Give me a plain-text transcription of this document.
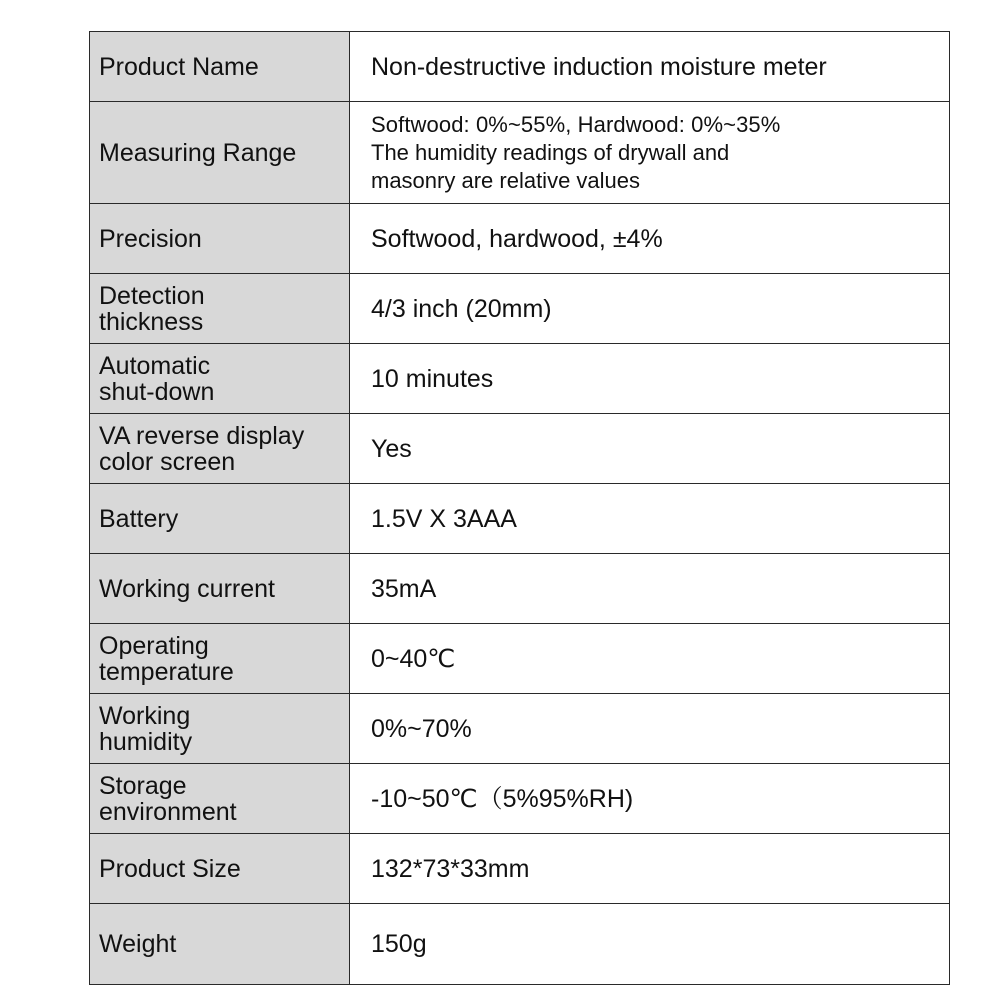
Product Name	Non-destructive induction moisture meter
Measuring Range	Softwood: 0%~55%, Hardwood: 0%~35%
The humidity readings of drywall and
masonry are relative values

Precision	Softwood, hardwood, ±4%
Detection
thickness	4/3 inch (20mm)
Automatic
shut-down	10 minutes
VA reverse display
color screen	Yes
Battery	1.5V X 3AAA
Working current	35mA
Operating
temperature	0~40℃
Working
humidity	0%~70%
Storage
environment	-10~50℃（5%95%RH)
Product Size	132*73*33mm
Weight	150g
